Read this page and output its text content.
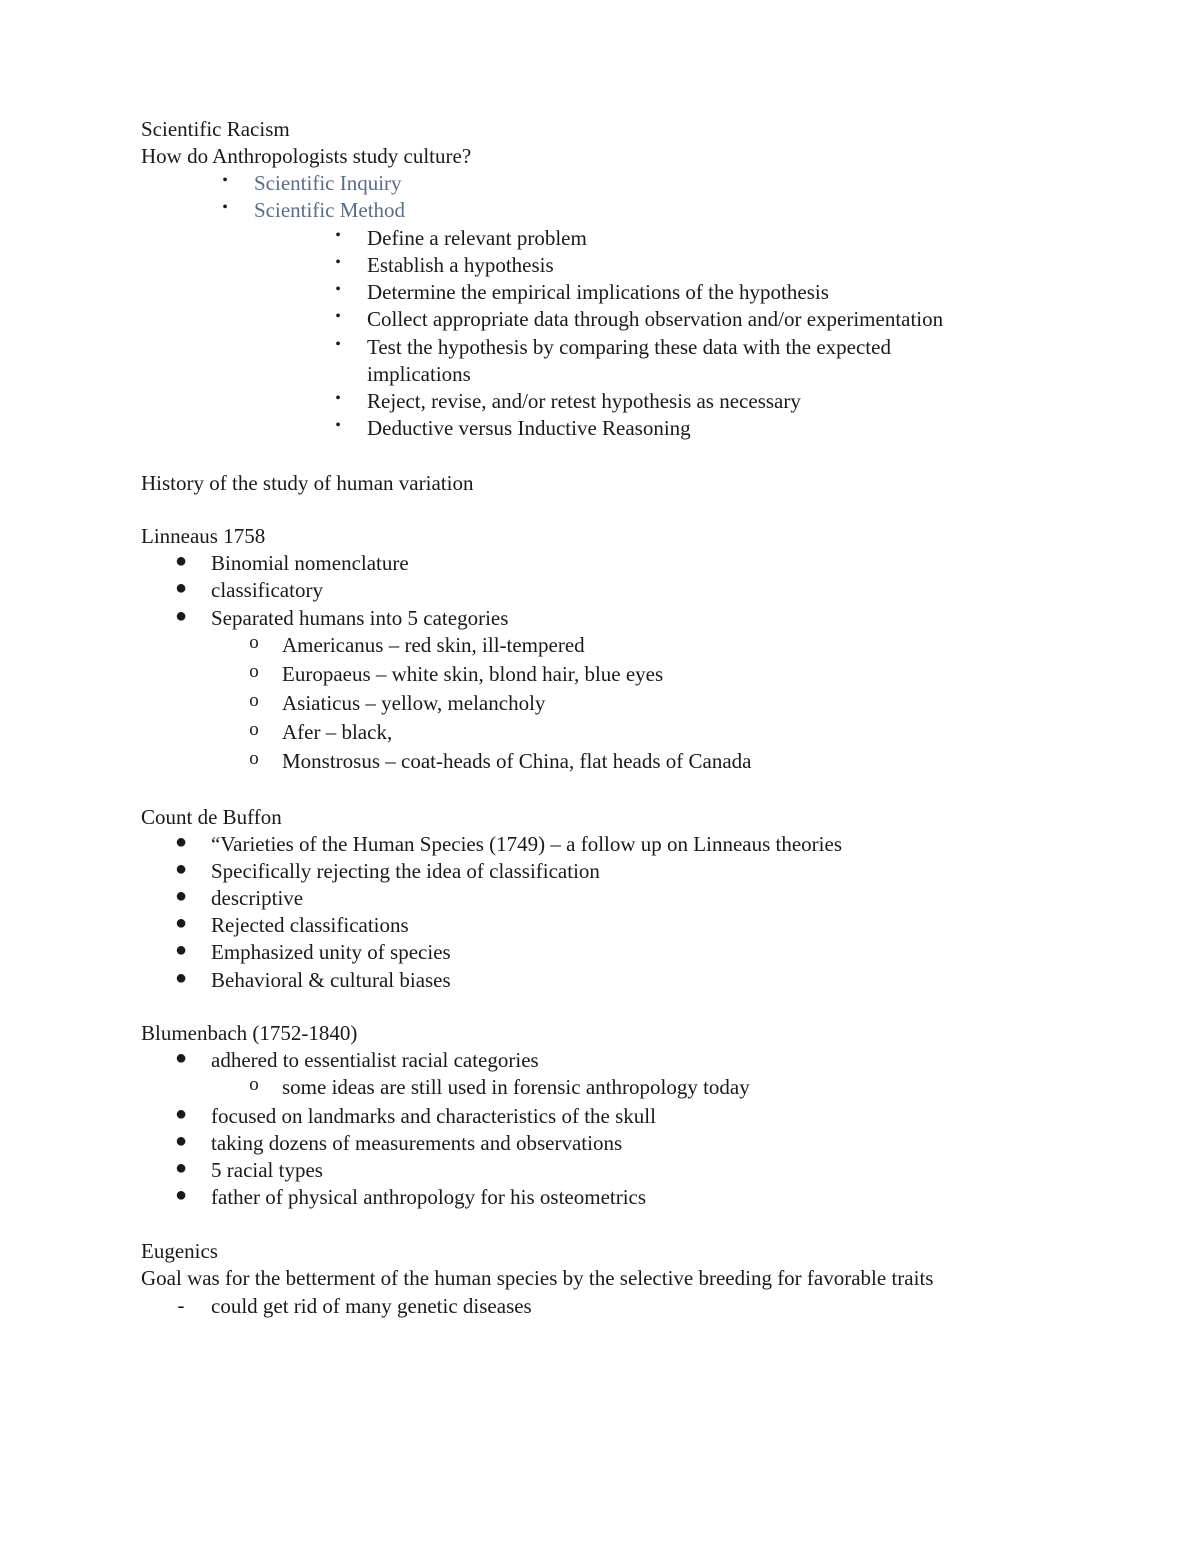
Scientific Racism
How do Anthropologists study culture?
•	Scientific Inquiry
•	Scientific Method
•	Define a relevant problem
•	Establish a hypothesis
•	Determine the empirical implications of the hypothesis
•	Collect appropriate data through observation and/or experimentation
•	Test the hypothesis by comparing these data with the expected
implications
•	Reject, revise, and/or retest hypothesis as necessary
•	Deductive versus Inductive Reasoning
History of the study of human variation
Linneaus 1758
● Binomial nomenclature
● classificatory
● Separated humans into 5 categories
o Americanus – red skin, ill-tempered
o Europaeus – white skin, blond hair, blue eyes
o Asiaticus – yellow, melancholy
o Afer – black,
o Monstrosus – coat-heads of China, flat heads of Canada
Count de Buffon
● “Varieties of the Human Species (1749) – a follow up on Linneaus theories
● Specifically rejecting the idea of classification
● descriptive
● Rejected classifications
● Emphasized unity of species
● Behavioral & cultural biases
Blumenbach (1752-1840)
● adhered to essentialist racial categories
o some ideas are still used in forensic anthropology today
● focused on landmarks and characteristics of the skull
● taking dozens of measurements and observations
● 5 racial types
● father of physical anthropology for his osteometrics
Eugenics
Goal was for the betterment of the human species by the selective breeding for favorable traits
-	could get rid of many genetic diseases
